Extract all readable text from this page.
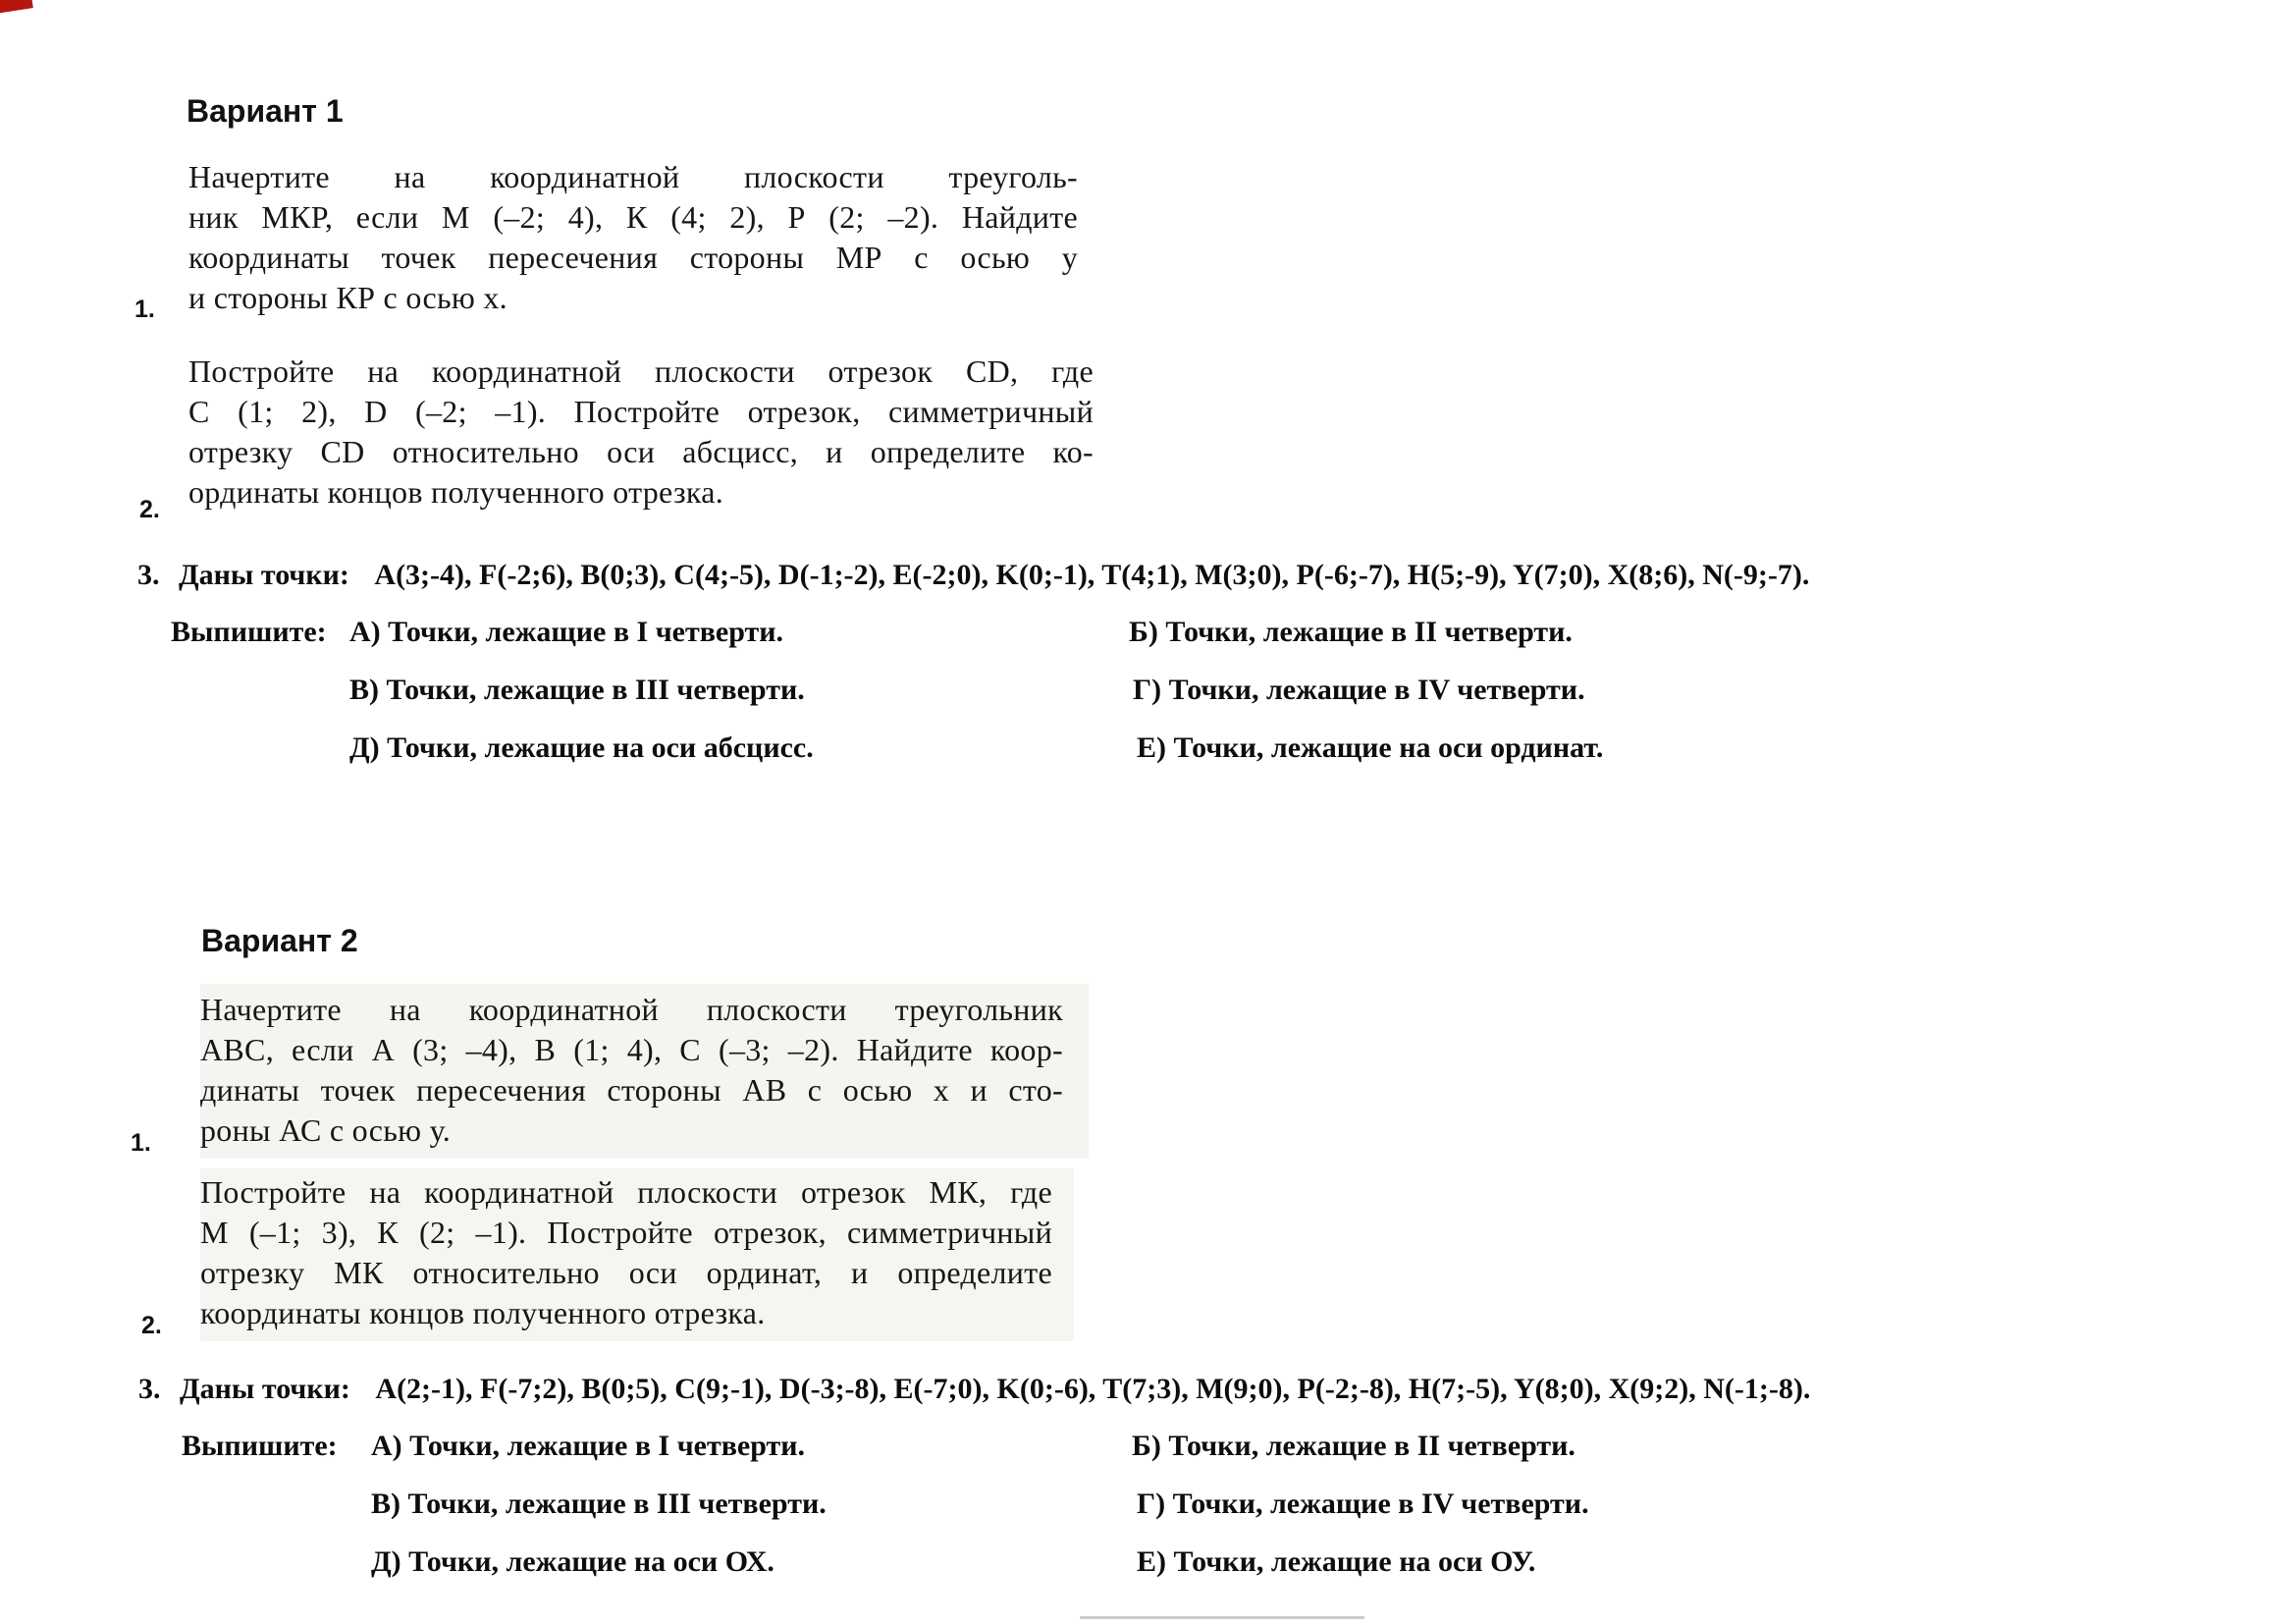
Вариант 1
1.
Начертите на координатной плоскости треуголь-
ник МКР, если М (–2; 4), К (4; 2), Р (2; –2). Найдите
координаты точек пересечения стороны МР с осью у
и стороны КР с осью х.
2.
Постройте на координатной плоскости отрезок CD, где
С (1; 2), D (–2; –1). Постройте отрезок, симметричный
отрезку CD относительно оси абсцисс, и определите ко-
ординаты концов полученного отрезка.
3. Даны точки: A(3;-4), F(-2;6), B(0;3), C(4;-5), D(-1;-2), E(-2;0), K(0;-1), T(4;1), M(3;0), P(-6;-7), H(5;-9), Y(7;0), X(8;6), N(-9;-7).
Выпишите: А) Точки, лежащие в I четверти.	Б) Точки, лежащие в II четверти.
В) Точки, лежащие в III четверти.	Г) Точки, лежащие в IV четверти.
Д) Точки, лежащие на оси абсцисс.	Е) Точки, лежащие на оси ординат.
Вариант 2
1.
Начертите на координатной плоскости треугольник
АВС, если А (3; –4), В (1; 4), С (–3; –2). Найдите коор-
динаты точек пересечения стороны АВ с осью х и сто-
роны АС с осью у.
2.
Постройте на координатной плоскости отрезок МК, где
М (–1; 3), К (2; –1). Постройте отрезок, симметричный
отрезку МК относительно оси ординат, и определите
координаты концов полученного отрезка.
3. Даны точки: A(2;-1), F(-7;2), B(0;5), C(9;-1), D(-3;-8), E(-7;0), K(0;-6), T(7;3), M(9;0), P(-2;-8), H(7;-5), Y(8;0), X(9;2), N(-1;-8).
Выпишите: А) Точки, лежащие в I четверти.	Б) Точки, лежащие в II четверти.
В) Точки, лежащие в III четверти.	Г) Точки, лежащие в IV четверти.
Д) Точки, лежащие на оси ОХ.	Е) Точки, лежащие на оси ОУ.
